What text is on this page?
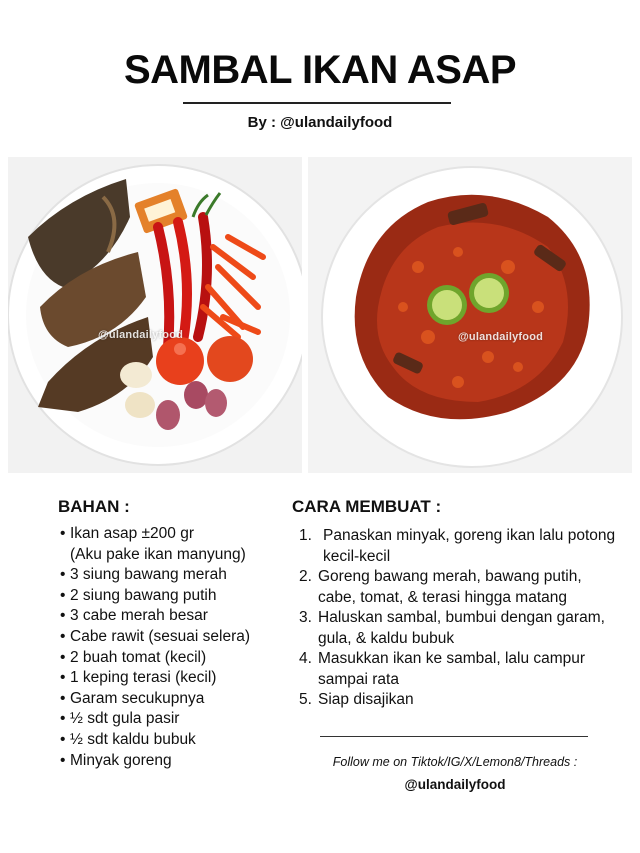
SAMBAL IKAN ASAP
By : @ulandailyfood
@ulandailyfood	@ulandailyfood
BAHAN :
• Ikan asap ±200 gr
(Aku pake ikan manyung)
• 3 siung bawang merah
• 2 siung bawang putih
• 3 cabe merah besar
• Cabe rawit (sesuai selera)
• 2 buah tomat (kecil)
• 1 keping terasi (kecil)
• Garam secukupnya
• ½ sdt gula pasir
• ½ sdt kaldu bubuk
• Minyak goreng
CARA MEMBUAT :
1. Panaskan minyak, goreng ikan lalu potong kecil-kecil
2. Goreng bawang merah, bawang putih, cabe, tomat, & terasi hingga matang
3. Haluskan sambal, bumbui dengan garam, gula, & kaldu bubuk
4. Masukkan ikan ke sambal, lalu campur sampai rata
5. Siap disajikan
Follow me on Tiktok/IG/X/Lemon8/Threads :
@ulandailyfood
